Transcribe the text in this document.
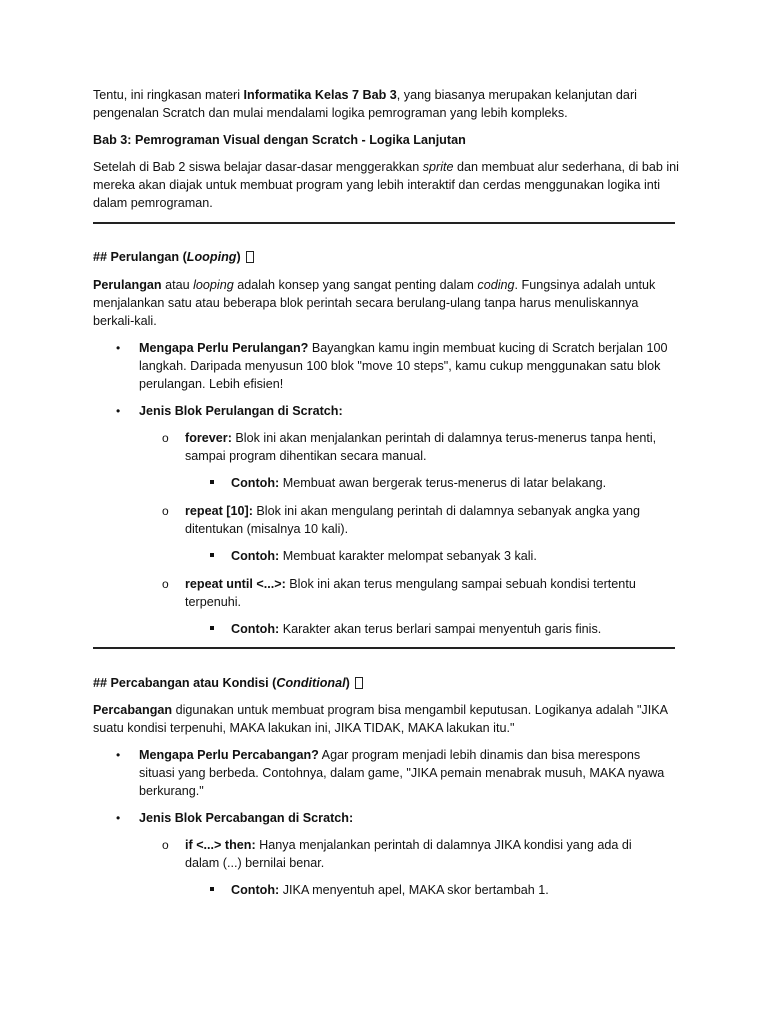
Tentu, ini ringkasan materi Informatika Kelas 7 Bab 3, yang biasanya merupakan kelanjutan dari pengenalan Scratch dan mulai mendalami logika pemrograman yang lebih kompleks.

Bab 3: Pemrograman Visual dengan Scratch - Logika Lanjutan

Setelah di Bab 2 siswa belajar dasar-dasar menggerakkan sprite dan membuat alur sederhana, di bab ini mereka akan diajak untuk membuat program yang lebih interaktif dan cerdas menggunakan logika inti dalam pemrograman.

## Perulangan (Looping)

Perulangan atau looping adalah konsep yang sangat penting dalam coding. Fungsinya adalah untuk menjalankan satu atau beberapa blok perintah secara berulang-ulang tanpa harus menuliskannya berkali-kali.

• Mengapa Perlu Perulangan? Bayangkan kamu ingin membuat kucing di Scratch berjalan 100 langkah. Daripada menyusun 100 blok "move 10 steps", kamu cukup menggunakan satu blok perulangan. Lebih efisien!

• Jenis Blok Perulangan di Scratch:

o forever: Blok ini akan menjalankan perintah di dalamnya terus-menerus tanpa henti, sampai program dihentikan secara manual.

Contoh: Membuat awan bergerak terus-menerus di latar belakang.

o repeat [10]: Blok ini akan mengulang perintah di dalamnya sebanyak angka yang ditentukan (misalnya 10 kali).

Contoh: Membuat karakter melompat sebanyak 3 kali.

o repeat until <...>: Blok ini akan terus mengulang sampai sebuah kondisi tertentu terpenuhi.

Contoh: Karakter akan terus berlari sampai menyentuh garis finis.

## Percabangan atau Kondisi (Conditional)

Percabangan digunakan untuk membuat program bisa mengambil keputusan. Logikanya adalah "JIKA suatu kondisi terpenuhi, MAKA lakukan ini, JIKA TIDAK, MAKA lakukan itu."

• Mengapa Perlu Percabangan? Agar program menjadi lebih dinamis dan bisa merespons situasi yang berbeda. Contohnya, dalam game, "JIKA pemain menabrak musuh, MAKA nyawa berkurang."

• Jenis Blok Percabangan di Scratch:

o if <...> then: Hanya menjalankan perintah di dalamnya JIKA kondisi yang ada di dalam (...) bernilai benar.

Contoh: JIKA menyentuh apel, MAKA skor bertambah 1.
